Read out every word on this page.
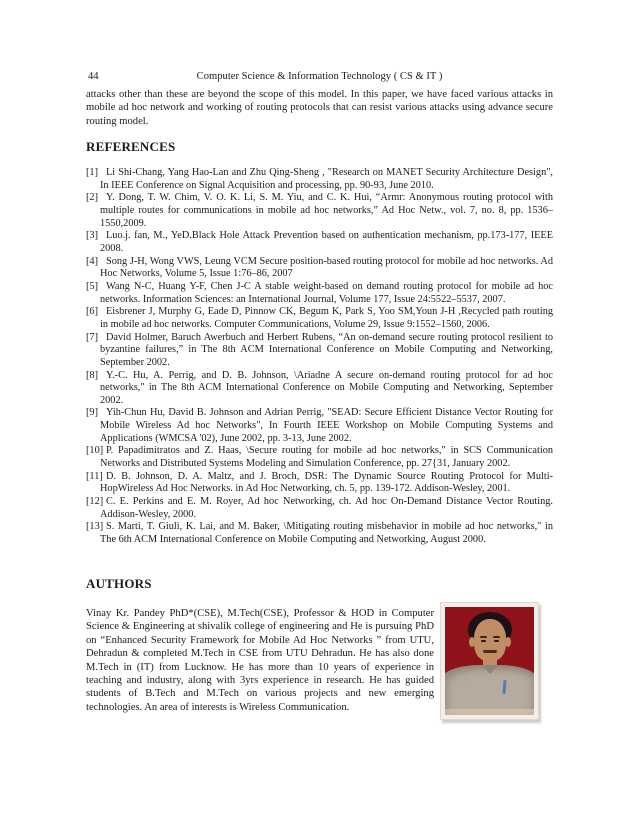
44	Computer Science & Information Technology ( CS & IT )

attacks other than these are beyond the scope of this model. In this paper, we have faced various attacks in mobile ad hoc network and working of routing protocols that can resist various attacks using advance secure routing model.

REFERENCES
[1] Li Shi-Chang, Yang Hao-Lan and Zhu Qing-Sheng , "Research on MANET Security Architecture Design", In IEEE Conference on Signal Acquisition and processing, pp. 90-93, June 2010.
[2] Y. Dong, T. W. Chim, V. O. K. Li, S. M. Yiu, and C. K. Hui, “Armr: Anonymous routing protocol with multiple routes for communications in mobile ad hoc networks,” Ad Hoc Netw., vol. 7, no. 8, pp. 1536–1550,2009.
[3] Luo.j. fan, M., YeD.Black Hole Attack Prevention based on authentication mechanism, pp.173-177, IEEE 2008.
[4] Song J-H, Wong VWS, Leung VCM Secure position-based routing protocol for mobile ad hoc networks. Ad Hoc Networks, Volume 5, Issue 1:76–86, 2007
[5] Wang N-C, Huang Y-F, Chen J-C A stable weight-based on demand routing protocol for mobile ad hoc networks. Information Sciences: an International Journal, Volume 177, Issue 24:5522–5537, 2007.
[6] Eisbrener J, Murphy G, Eade D, Pinnow CK, Begum K, Park S, Yoo SM,Youn J-H ,Recycled path routing in mobile ad hoc networks. Computer Communications, Volume 29, Issue 9:1552–1560, 2006.
[7] David Holmer, Baruch Awerbuch and Herbert Rubens, “An on-demand secure routing protocol resilient to byzantine failures,” in The 8th ACM International Conference on Mobile Computing and Networking, September 2002.
[8] Y.-C. Hu, A. Perrig, and D. B. Johnson, \Ariadne A secure on-demand routing protocol for ad hoc networks," in The 8th ACM International Conference on Mobile Computing and Networking, September 2002.
[9] Yih-Chun Hu, David B. Johnson and Adrian Perrig, "SEAD: Secure Efficient Distance Vector Routing for Mobile Wireless Ad hoc Networks", In Fourth IEEE Workshop on Mobile Computing Systems and Applications (WMCSA '02), June 2002, pp. 3-13, June 2002.
[10] P. Papadimitratos and Z. Haas, \Secure routing for mobile ad hoc networks," in SCS Communication Networks and Distributed Systems Modeling and Simulation Conference, pp. 27{31, January 2002.
[11] D. B. Johnson, D. A. Maltz, and J. Broch, DSR: The Dynamic Source Routing Protocol for Multi-HopWireless Ad Hoc Networks. in Ad Hoc Networking, ch. 5, pp. 139-172. Addison-Wesley, 2001.
[12] C. E. Perkins and E. M. Royer, Ad hoc Networking, ch. Ad hoc On-Demand Distance Vector Routing. Addison-Wesley, 2000.
[13] S. Marti, T. Giuli, K. Lai, and M. Baker, \Mitigating routing misbehavior in mobile ad hoc networks," in The 6th ACM International Conference on Mobile Computing and Networking, August 2000.
AUTHORS

Vinay Kr. Pandey PhD*(CSE), M.Tech(CSE), Professor & HOD in Computer Science & Engineering at shivalik college of engineering and He is pursuing PhD on “Enhanced Security Framework for Mobile Ad Hoc Networks ” from UTU, Dehradun & completed M.Tech in CSE from UTU Dehradun. He has also done M.Tech in (IT) from Lucknow. He has more than 10 years of experience in teaching and industry, along with 3yrs experience in research. He has guided students of B.Tech and M.Tech on various projects and new emerging technologies. An area of interests is Wireless Communication.
